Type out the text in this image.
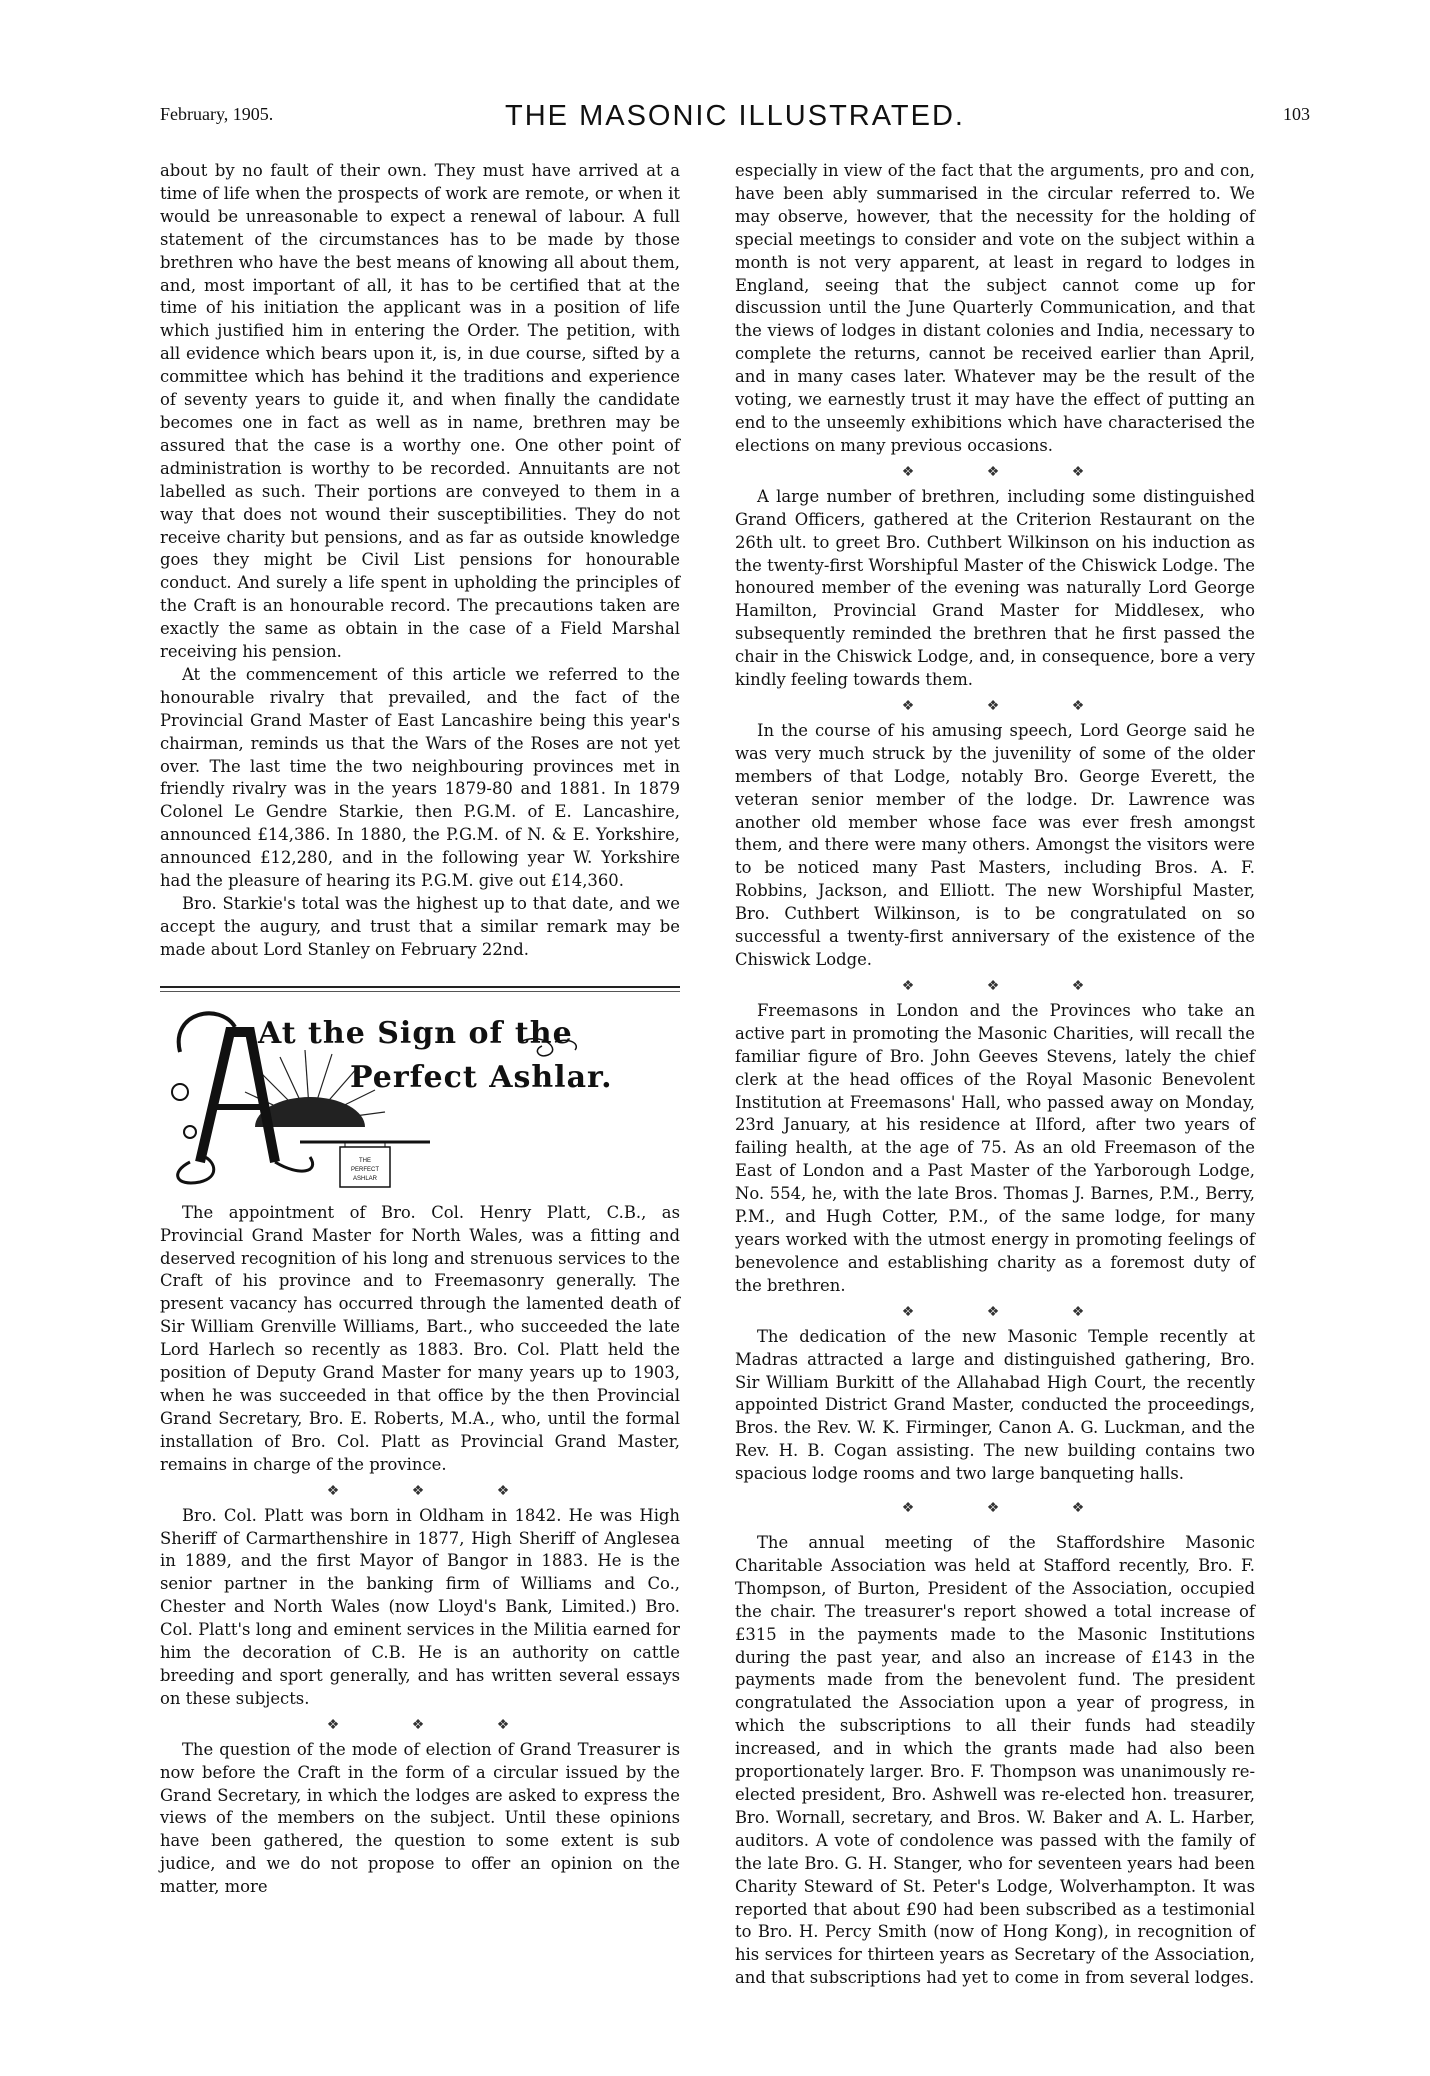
February, 1905.	THE MASONIC ILLUSTRATED.	103

about by no fault of their own. They must have arrived at a time of life when the prospects of work are remote, or when it would be unreasonable to expect a renewal of labour. A full statement of the circumstances has to be made by those brethren who have the best means of knowing all about them, and, most important of all, it has to be certified that at the time of his initiation the applicant was in a position of life which justified him in entering the Order. The petition, with all evidence which bears upon it, is, in due course, sifted by a committee which has behind it the traditions and experience of seventy years to guide it, and when finally the candidate becomes one in fact as well as in name, brethren may be assured that the case is a worthy one. One other point of administration is worthy to be recorded. Annuitants are not labelled as such. Their portions are conveyed to them in a way that does not wound their susceptibilities. They do not receive charity but pensions, and as far as outside knowledge goes they might be Civil List pensions for honourable conduct. And surely a life spent in upholding the principles of the Craft is an honourable record. The precautions taken are exactly the same as obtain in the case of a Field Marshal receiving his pension.

At the commencement of this article we referred to the honourable rivalry that prevailed, and the fact of the Provincial Grand Master of East Lancashire being this year's chairman, reminds us that the Wars of the Roses are not yet over. The last time the two neighbouring provinces met in friendly rivalry was in the years 1879-80 and 1881. In 1879 Colonel Le Gendre Starkie, then P.G.M. of E. Lancashire, announced £14,386. In 1880, the P.G.M. of N. & E. Yorkshire, announced £12,280, and in the following year W. Yorkshire had the pleasure of hearing its P.G.M. give out £14,360.

Bro. Starkie's total was the highest up to that date, and we accept the augury, and trust that a similar remark may be made about Lord Stanley on February 22nd.

THE
PERFECT
ASHLAR
At the Sign of the
Perfect Ashlar.

The appointment of Bro. Col. Henry Platt, C.B., as Provincial Grand Master for North Wales, was a fitting and deserved recognition of his long and strenuous services to the Craft of his province and to Freemasonry generally. The present vacancy has occurred through the lamented death of Sir William Grenville Williams, Bart., who succeeded the late Lord Harlech so recently as 1883. Bro. Col. Platt held the position of Deputy Grand Master for many years up to 1903, when he was succeeded in that office by the then Provincial Grand Secretary, Bro. E. Roberts, M.A., who, until the formal installation of Bro. Col. Platt as Provincial Grand Master, remains in charge of the province.

❖ ❖ ❖

Bro. Col. Platt was born in Oldham in 1842. He was High Sheriff of Carmarthenshire in 1877, High Sheriff of Anglesea in 1889, and the first Mayor of Bangor in 1883. He is the senior partner in the banking firm of Williams and Co., Chester and North Wales (now Lloyd's Bank, Limited.) Bro. Col. Platt's long and eminent services in the Militia earned for him the decoration of C.B. He is an authority on cattle breeding and sport generally, and has written several essays on these subjects.

❖ ❖ ❖

The question of the mode of election of Grand Treasurer is now before the Craft in the form of a circular issued by the Grand Secretary, in which the lodges are asked to express the views of the members on the subject. Until these opinions have been gathered, the question to some extent is sub judice, and we do not propose to offer an opinion on the matter, more

especially in view of the fact that the arguments, pro and con, have been ably summarised in the circular referred to. We may observe, however, that the necessity for the holding of special meetings to consider and vote on the subject within a month is not very apparent, at least in regard to lodges in England, seeing that the subject cannot come up for discussion until the June Quarterly Communication, and that the views of lodges in distant colonies and India, necessary to complete the returns, cannot be received earlier than April, and in many cases later. Whatever may be the result of the voting, we earnestly trust it may have the effect of putting an end to the unseemly exhibitions which have characterised the elections on many previous occasions.

❖ ❖ ❖

A large number of brethren, including some distinguished Grand Officers, gathered at the Criterion Restaurant on the 26th ult. to greet Bro. Cuthbert Wilkinson on his induction as the twenty-first Worshipful Master of the Chiswick Lodge. The honoured member of the evening was naturally Lord George Hamilton, Provincial Grand Master for Middlesex, who subsequently reminded the brethren that he first passed the chair in the Chiswick Lodge, and, in consequence, bore a very kindly feeling towards them.

❖ ❖ ❖

In the course of his amusing speech, Lord George said he was very much struck by the juvenility of some of the older members of that Lodge, notably Bro. George Everett, the veteran senior member of the lodge. Dr. Lawrence was another old member whose face was ever fresh amongst them, and there were many others. Amongst the visitors were to be noticed many Past Masters, including Bros. A. F. Robbins, Jackson, and Elliott. The new Worshipful Master, Bro. Cuthbert Wilkinson, is to be congratulated on so successful a twenty-first anniversary of the existence of the Chiswick Lodge.

❖ ❖ ❖

Freemasons in London and the Provinces who take an active part in promoting the Masonic Charities, will recall the familiar figure of Bro. John Geeves Stevens, lately the chief clerk at the head offices of the Royal Masonic Benevolent Institution at Freemasons' Hall, who passed away on Monday, 23rd January, at his residence at Ilford, after two years of failing health, at the age of 75. As an old Freemason of the East of London and a Past Master of the Yarborough Lodge, No. 554, he, with the late Bros. Thomas J. Barnes, P.M., Berry, P.M., and Hugh Cotter, P.M., of the same lodge, for many years worked with the utmost energy in promoting feelings of benevolence and establishing charity as a foremost duty of the brethren.

❖ ❖ ❖

The dedication of the new Masonic Temple recently at Madras attracted a large and distinguished gathering, Bro. Sir William Burkitt of the Allahabad High Court, the recently appointed District Grand Master, conducted the proceedings, Bros. the Rev. W. K. Firminger, Canon A. G. Luckman, and the Rev. H. B. Cogan assisting. The new building contains two spacious lodge rooms and two large banqueting halls.

❖ ❖ ❖

The annual meeting of the Staffordshire Masonic Charitable Association was held at Stafford recently, Bro. F. Thompson, of Burton, President of the Association, occupied the chair. The treasurer's report showed a total increase of £315 in the payments made to the Masonic Institutions during the past year, and also an increase of £143 in the payments made from the benevolent fund. The president congratulated the Association upon a year of progress, in which the subscriptions to all their funds had steadily increased, and in which the grants made had also been proportionately larger. Bro. F. Thompson was unanimously re-elected president, Bro. Ashwell was re-elected hon. treasurer, Bro. Wornall, secretary, and Bros. W. Baker and A. L. Harber, auditors. A vote of condolence was passed with the family of the late Bro. G. H. Stanger, who for seventeen years had been Charity Steward of St. Peter's Lodge, Wolverhampton. It was reported that about £90 had been subscribed as a testimonial to Bro. H. Percy Smith (now of Hong Kong), in recognition of his services for thirteen years as Secretary of the Association, and that subscriptions had yet to come in from several lodges.
